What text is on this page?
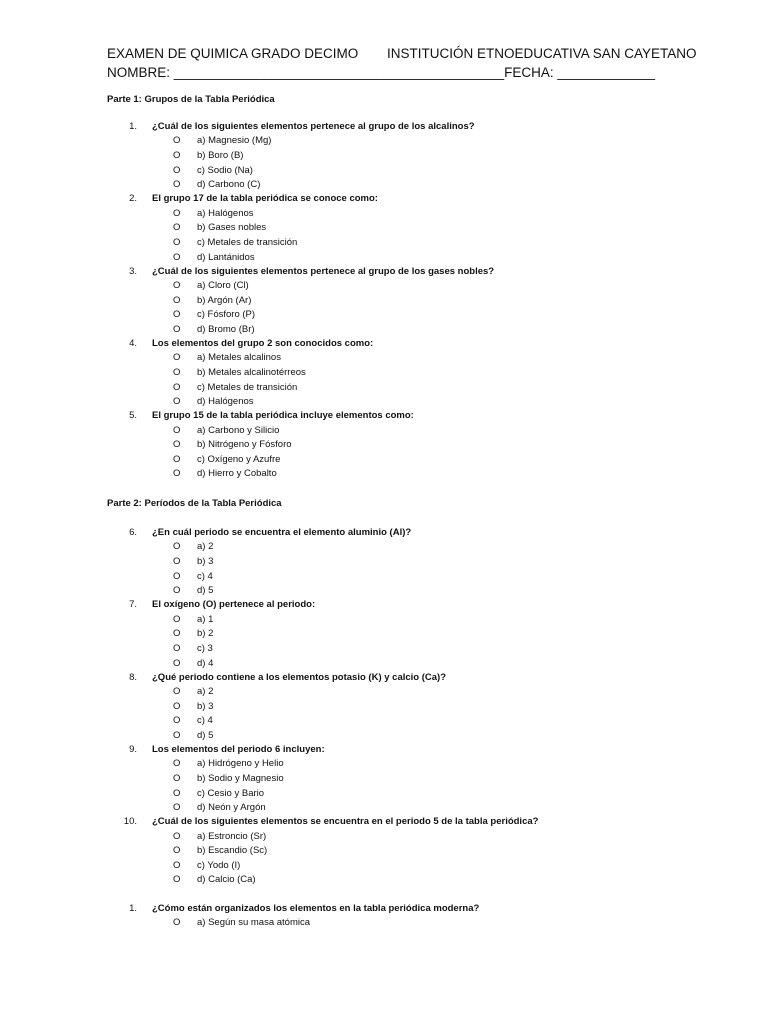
EXAMEN DE QUIMICA GRADO DECIMO INSTITUCIÓN ETNOEDUCATIVA SAN CAYETANO
NOMBRE: ____________________________________________FECHA: _____________
Parte 1: Grupos de la Tabla Periódica
Parte 2: Períodos de la Tabla Periódica
1. ¿Cuál de los siguientes elementos pertenece al grupo de los alcalinos?
O a) Magnesio (Mg)
O b) Boro (B)
O c) Sodio (Na)
O d) Carbono (C)
2. El grupo 17 de la tabla periódica se conoce como:
O a) Halógenos
O b) Gases nobles
O c) Metales de transición
O d) Lantánidos
3. ¿Cuál de los siguientes elementos pertenece al grupo de los gases nobles?
O a) Cloro (Cl)
O b) Argón (Ar)
O c) Fósforo (P)
O d) Bromo (Br)
4. Los elementos del grupo 2 son conocidos como:
O a) Metales alcalinos
O b) Metales alcalinotérreos
O c) Metales de transición
O d) Halógenos
5. El grupo 15 de la tabla periódica incluye elementos como:
O a) Carbono y Silicio
O b) Nitrógeno y Fósforo
O c) Oxígeno y Azufre
O d) Hierro y Cobalto
6. ¿En cuál periodo se encuentra el elemento aluminio (Al)?
O a) 2
O b) 3
O c) 4
O d) 5
7. El oxígeno (O) pertenece al periodo:
O a) 1
O b) 2
O c) 3
O d) 4
8. ¿Qué periodo contiene a los elementos potasio (K) y calcio (Ca)?
O a) 2
O b) 3
O c) 4
O d) 5
9. Los elementos del periodo 6 incluyen:
O a) Hidrógeno y Helio
O b) Sodio y Magnesio
O c) Cesio y Bario
O d) Neón y Argón
10. ¿Cuál de los siguientes elementos se encuentra en el periodo 5 de la tabla periódica?
O a) Estroncio (Sr)
O b) Escandio (Sc)
O c) Yodo (I)
O d) Calcio (Ca)
1. ¿Cómo están organizados los elementos en la tabla periódica moderna?
O a) Según su masa atómica
